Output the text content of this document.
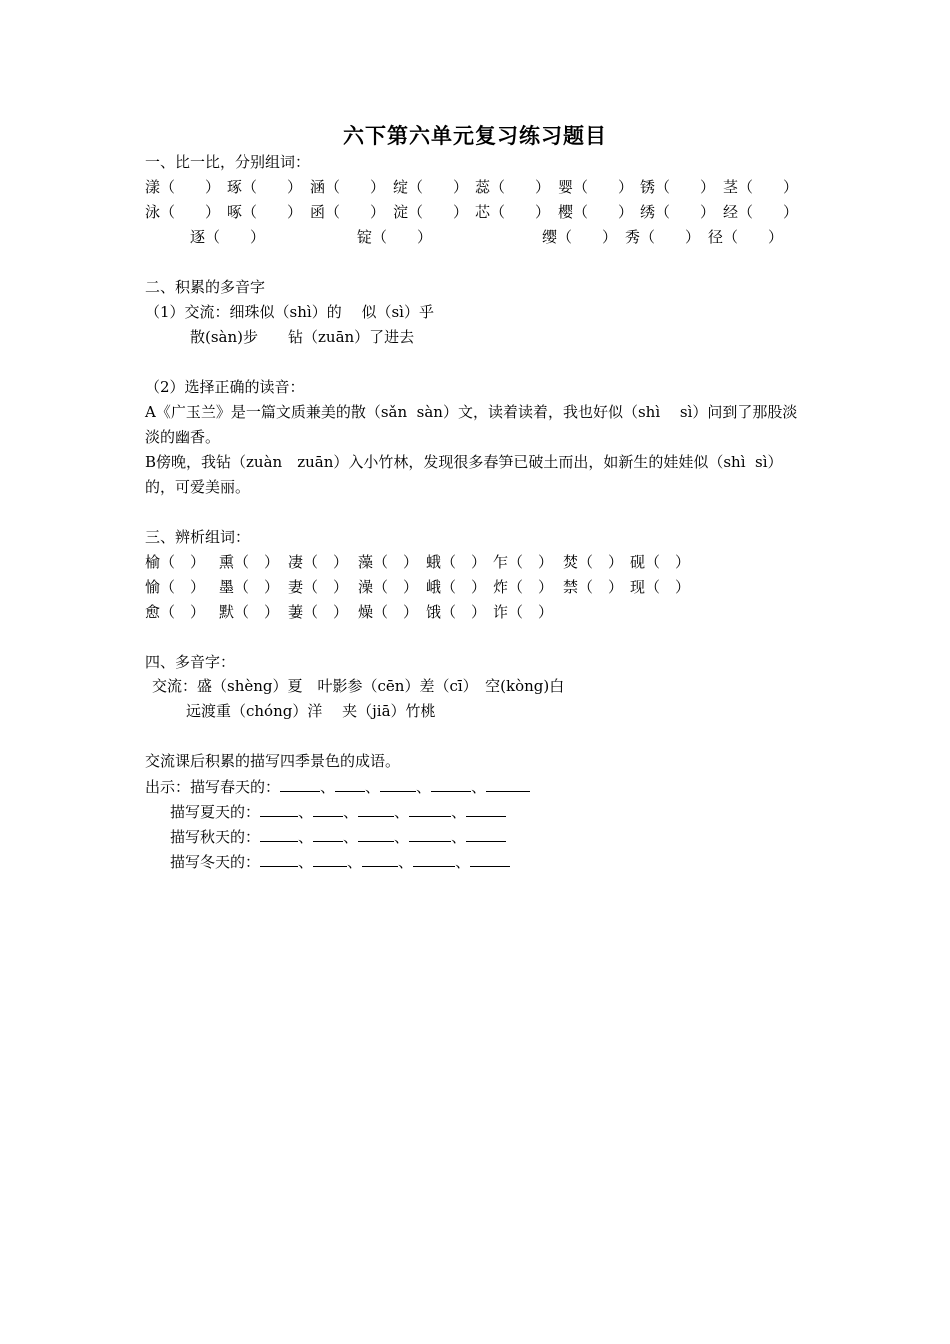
六下第六单元复习练习题目
一、比一比，分别组词：
漾（　　） 琢（　　） 涵（　　） 绽（　　） 蕊（　　） 婴（　　） 锈（　　） 茎（　　）
泳（　　） 啄（　　） 函（　　） 淀（　　） 芯（　　） 樱（　　） 绣（　　） 经（　　）
逐（　　）	锭（　　）	缨（　　） 秀（　　） 径（　　）
二、积累的多音字
（1）交流：细珠似（shì）的　 似（sì）乎
散(sàn)步　　钻（zuān）了进去
（2）选择正确的读音：
A《广玉兰》是一篇文质兼美的散（sǎn  sàn）文，读着读着，我也好似（shì　 sì）问到了那股淡
淡的幽香。
B傍晚，我钻（zuàn　zuān）入小竹林，发现很多春笋已破土而出，如新生的娃娃似（shì  sì）
的，可爱美丽。
三、辨析组词：
榆（　） 熏（　） 凄（　） 藻（　） 蛾（　） 乍（　） 焚（　） 砚（　）
愉（　） 墨（　） 妻（　） 澡（　） 峨（　） 炸（　） 禁（　） 现（　）
愈（　） 默（　） 萋（　） 燥（　） 饿（　） 诈（　）
四、多音字：
交流：盛（shèng）夏　叶影参（cēn）差（cī）　空(kòng)白
远渡重（chóng）洋　 夹（jiā）竹桃
交流课后积累的描写四季景色的成语。
出示：描写春天的：	、 、 、	、
描写夏天的：	、 、 、	、
描写秋天的：	、 、 、	、
描写冬天的：	、 、 、	、
